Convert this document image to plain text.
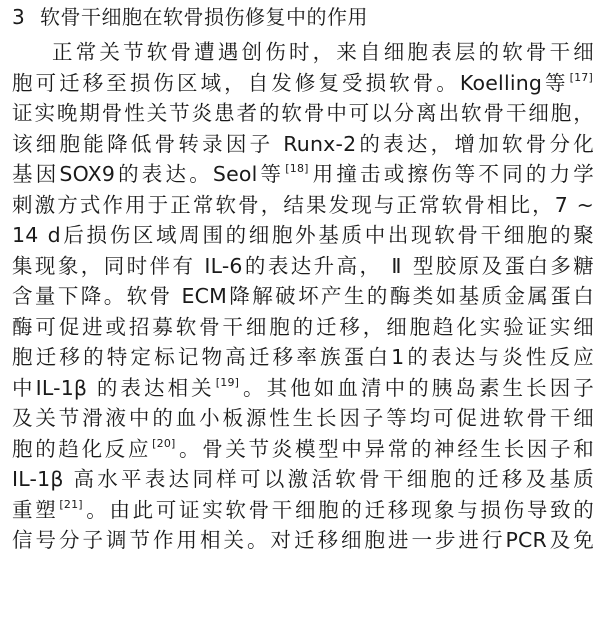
3 软骨干细胞在软骨损伤修复中的作用
正常关节软骨遭遇创伤时，来自细胞表层的软骨干细
胞可迁移至损伤区域，自发修复受损软骨。Koelling等[17]
证实晚期骨性关节炎患者的软骨中可以分离出软骨干细胞，
该细胞能降低骨转录因子 Runx-2的表达，增加软骨分化
基因SOX9的表达。Seol等[18]用撞击或擦伤等不同的力学
刺激方式作用于正常软骨，结果发现与正常软骨相比，7 ~
14 d后损伤区域周围的细胞外基质中出现软骨干细胞的聚
集现象，同时伴有 IL-6的表达升高， Ⅱ 型胶原及蛋白多糖
含量下降。软骨 ECM降解破坏产生的酶类如基质金属蛋白
酶可促进或招募软骨干细胞的迁移，细胞趋化实验证实细
胞迁移的特定标记物高迁移率族蛋白1的表达与炎性反应
中IL-1β 的表达相关[19]。其他如血清中的胰岛素生长因子
及关节滑液中的血小板源性生长因子等均可促进软骨干细
胞的趋化反应[20]。骨关节炎模型中异常的神经生长因子和
IL-1β 高水平表达同样可以激活软骨干细胞的迁移及基质
重塑[21]。由此可证实软骨干细胞的迁移现象与损伤导致的
信号分子调节作用相关。对迁移细胞进一步进行PCR及免
